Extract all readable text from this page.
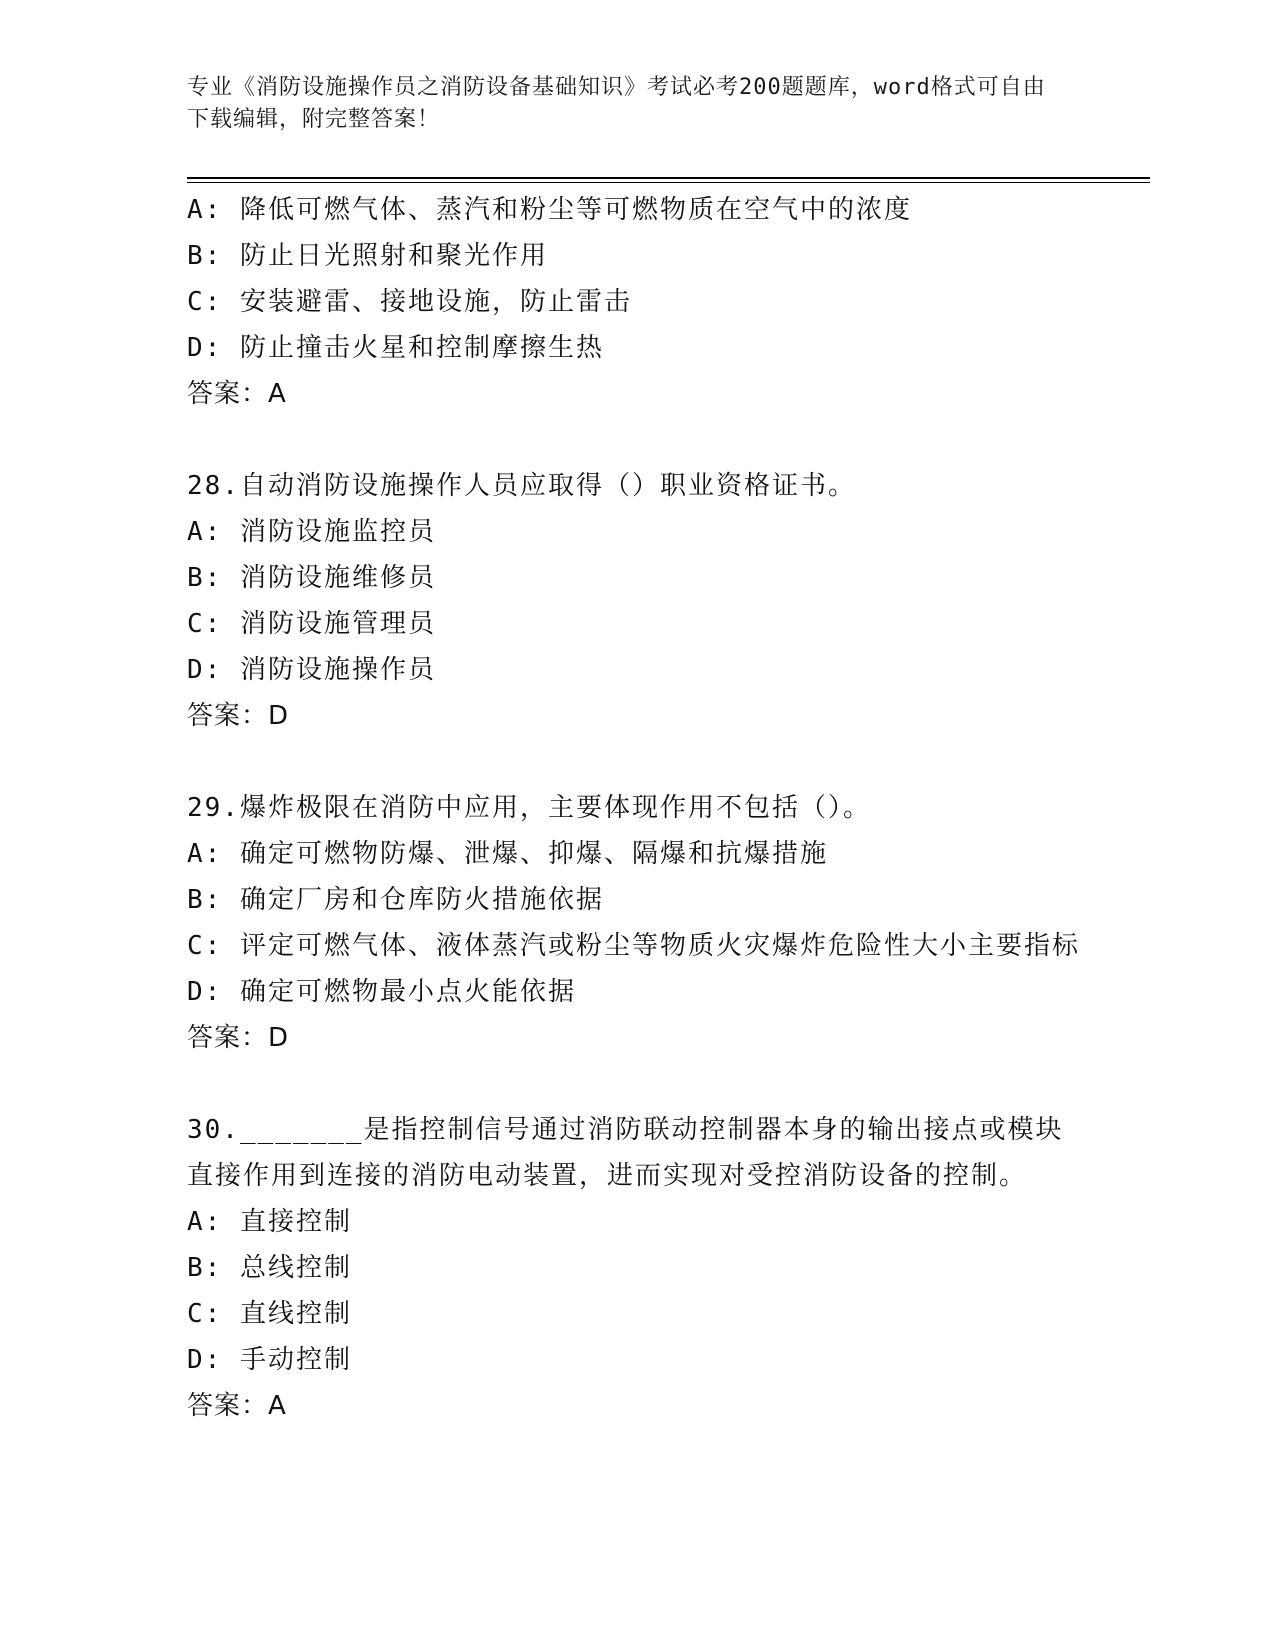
专业《消防设施操作员之消防设备基础知识》考试必考200题题库，word格式可自由下载编辑，附完整答案！
A: 降低可燃气体、蒸汽和粉尘等可燃物质在空气中的浓度
B: 防止日光照射和聚光作用
C: 安装避雷、接地设施，防止雷击
D: 防止撞击火星和控制摩擦生热
答案：A
28.自动消防设施操作人员应取得（）职业资格证书。
A: 消防设施监控员
B: 消防设施维修员
C: 消防设施管理员
D: 消防设施操作员
答案：D
29.爆炸极限在消防中应用，主要体现作用不包括（）。
A: 确定可燃物防爆、泄爆、抑爆、隔爆和抗爆措施
B: 确定厂房和仓库防火措施依据
C: 评定可燃气体、液体蒸汽或粉尘等物质火灾爆炸危险性大小主要指标
D: 确定可燃物最小点火能依据
答案：D
30._______是指控制信号通过消防联动控制器本身的输出接点或模块直接作用到连接的消防电动装置，进而实现对受控消防设备的控制。
A: 直接控制
B: 总线控制
C: 直线控制
D: 手动控制
答案：A
